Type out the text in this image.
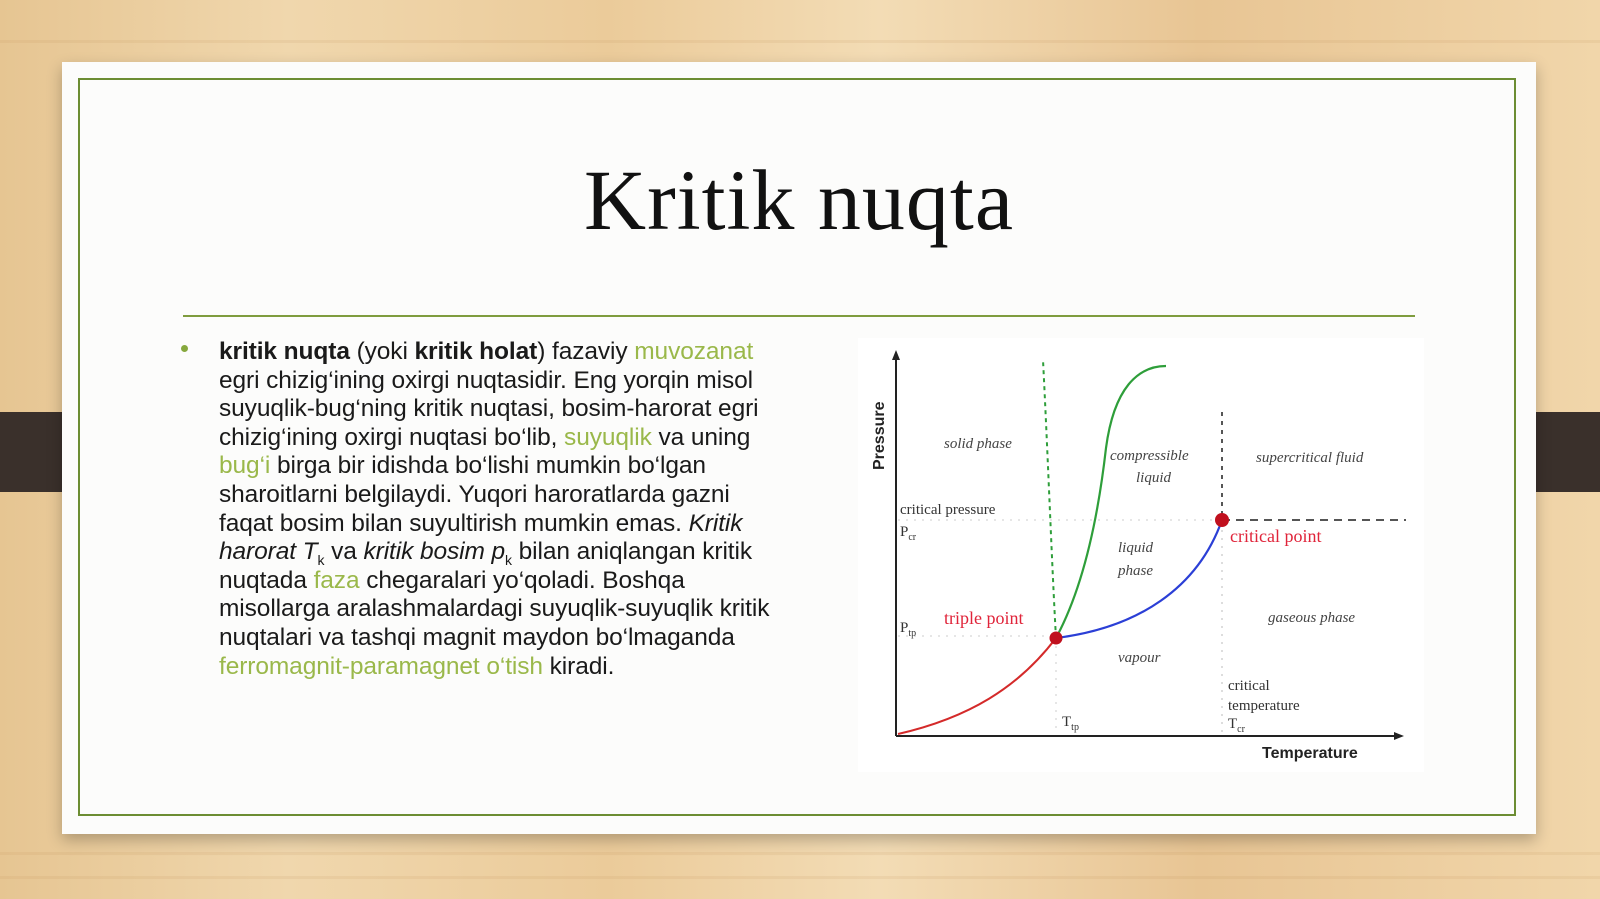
Kritik nuqta
kritik nuqta (yoki kritik holat) fazaviy muvozanat egri chizig‘ining oxirgi nuqtasidir. Eng yorqin misol suyuqlik-bug‘ning kritik nuqtasi, bosim-harorat egri chizig‘ining oxirgi nuqtasi bo‘lib, suyuqlik va uning bug‘i birga bir idishda bo‘lishi mumkin bo‘lgan sharoitlarni belgilaydi. Yuqori haroratlarda gazni faqat bosim bilan suyultirish mumkin emas. Kritik harorat $T_k$ va kritik bosim $p_k$ bilan aniqlangan kritik nuqtada faza chegaralari yo‘qoladi. Boshqa misollarga aralashmalardagi suyuqlik-suyuqlik kritik nuqtalari va tashqi magnit maydon bo‘lmaganda ferromagnit-paramagnet o‘tish kiradi.
Pressure
Temperature
solid phase
compressible
liquid
supercritical fluid
liquid
phase
gaseous phase
vapour
critical pressure
$P_{cr}$
$P_{tp}$
critical point
triple point
critical
temperature
$T_{cr}$
$T_{tp}$
